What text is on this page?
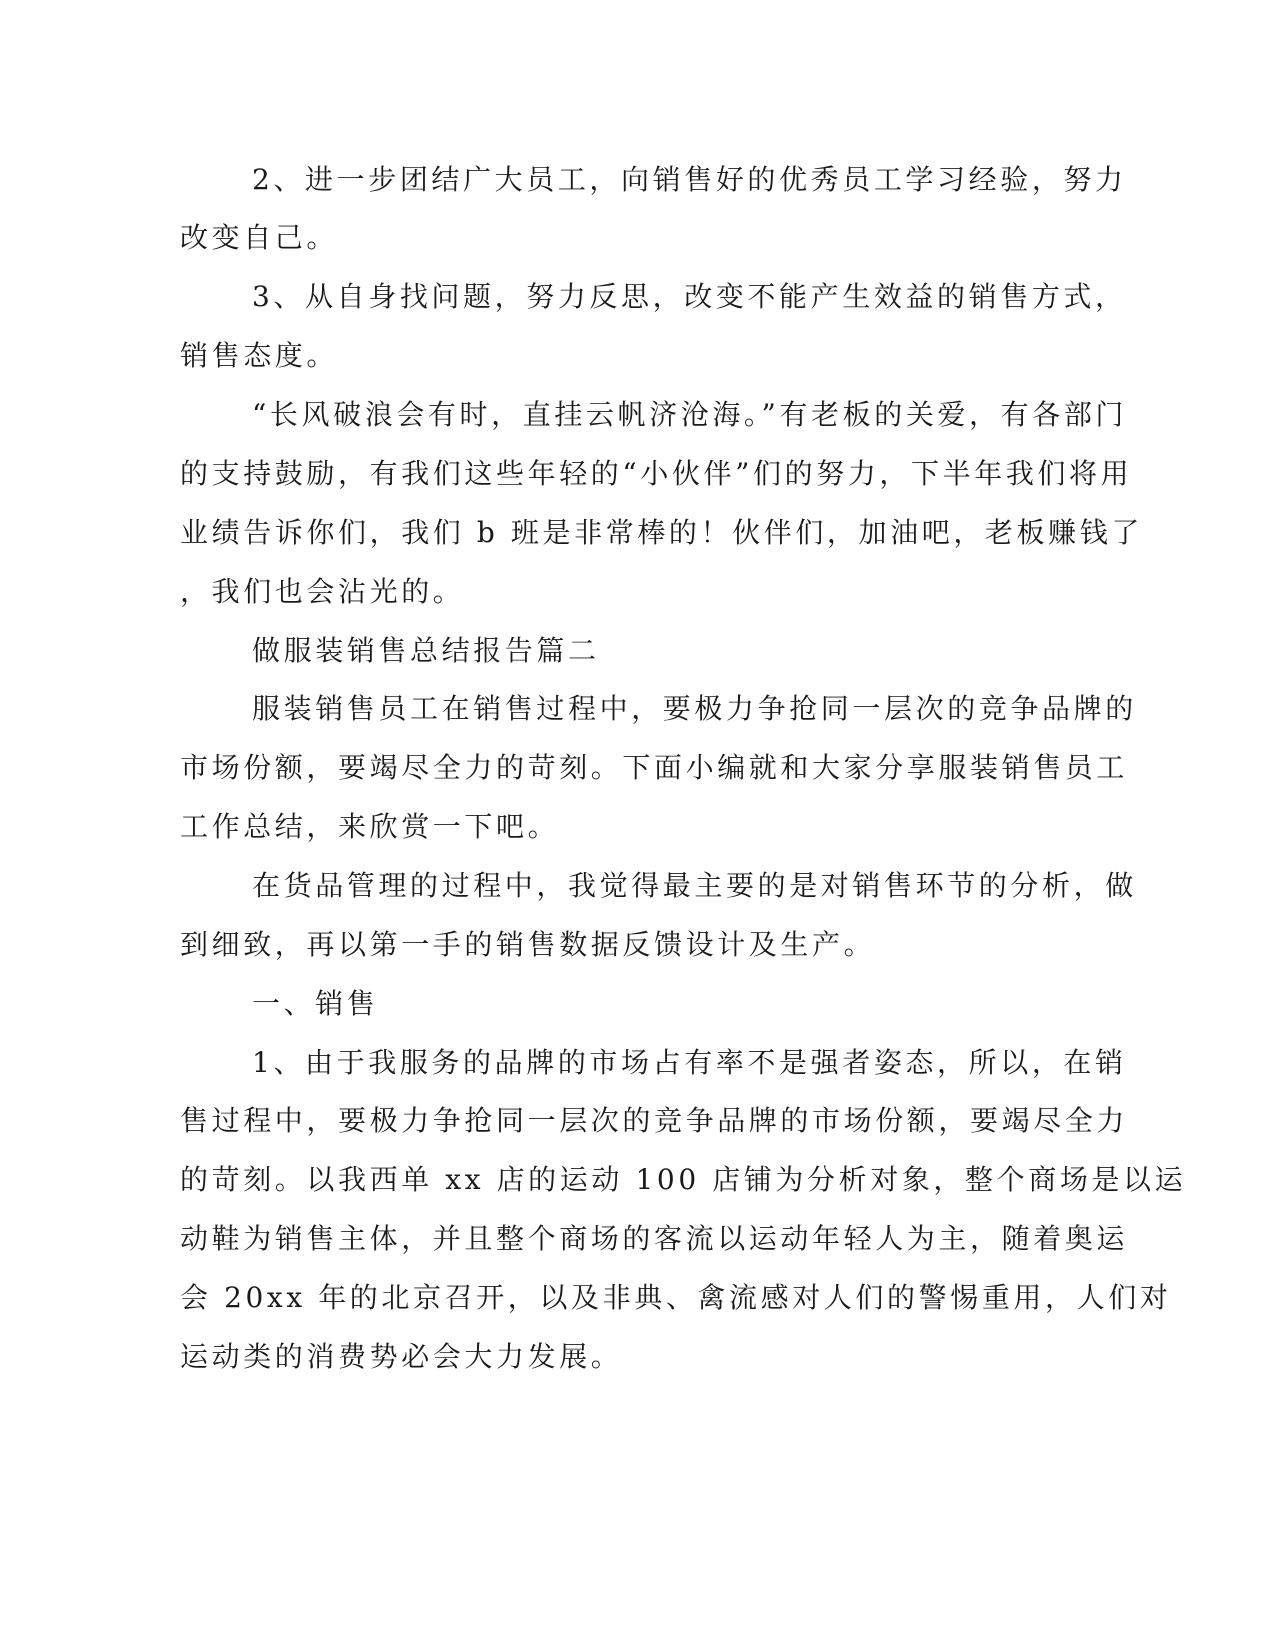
2、进一步团结广大员工，向销售好的优秀员工学习经验，努力
改变自己。
3、从自身找问题，努力反思，改变不能产生效益的销售方式，
销售态度。
“长风破浪会有时，直挂云帆济沧海。”有老板的关爱，有各部门
的支持鼓励，有我们这些年轻的“小伙伴”们的努力，下半年我们将用
业绩告诉你们，我们 b 班是非常棒的！伙伴们，加油吧，老板赚钱了
，我们也会沾光的。
做服装销售总结报告篇二
服装销售员工在销售过程中，要极力争抢同一层次的竞争品牌的
市场份额，要竭尽全力的苛刻。下面小编就和大家分享服装销售员工
工作总结，来欣赏一下吧。
在货品管理的过程中，我觉得最主要的是对销售环节的分析，做
到细致，再以第一手的销售数据反馈设计及生产。
一、销售
1、由于我服务的品牌的市场占有率不是强者姿态，所以，在销
售过程中，要极力争抢同一层次的竞争品牌的市场份额，要竭尽全力
的苛刻。以我西单 xx 店的运动 100 店铺为分析对象，整个商场是以运
动鞋为销售主体，并且整个商场的客流以运动年轻人为主，随着奥运
会 20xx 年的北京召开，以及非典、禽流感对人们的警惕重用，人们对
运动类的消费势必会大力发展。
